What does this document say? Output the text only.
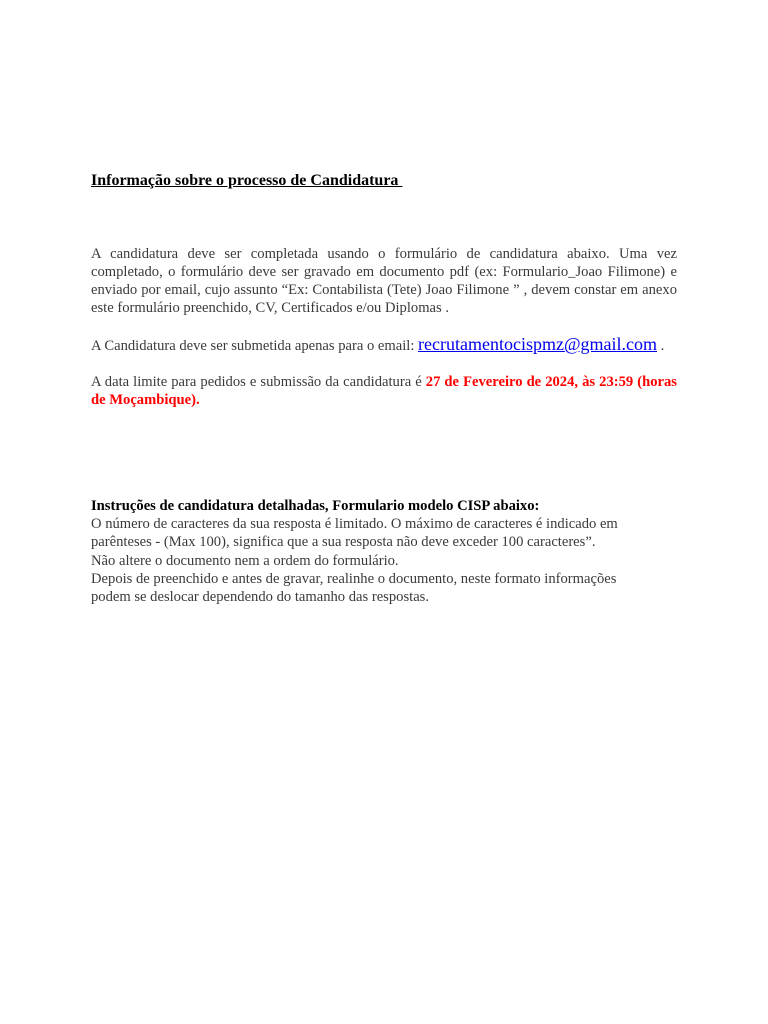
Informação sobre o processo de Candidatura
A candidatura deve ser completada usando o formulário de candidatura abaixo. Uma vez completado, o formulário deve ser gravado em documento pdf (ex: Formulario_Joao Filimone) e enviado por email, cujo assunto “Ex: Contabilista (Tete) Joao Filimone ” , devem constar em anexo este formulário preenchido, CV, Certificados e/ou Diplomas .
A Candidatura deve ser submetida apenas para o email: recrutamentocispmz@gmail.com .
A data limite para pedidos e submissão da candidatura é 27 de Fevereiro de 2024, às 23:59 (horas de Moçambique).
Instruções de candidatura detalhadas, Formulario modelo CISP abaixo:
O número de caracteres da sua resposta é limitado. O máximo de caracteres é indicado em
parênteses - (Max 100), significa que a sua resposta não deve exceder 100 caracteres”.
Não altere o documento nem a ordem do formulário.
Depois de preenchido e antes de gravar, realinhe o documento, neste formato informações
podem se deslocar dependendo do tamanho das respostas.
